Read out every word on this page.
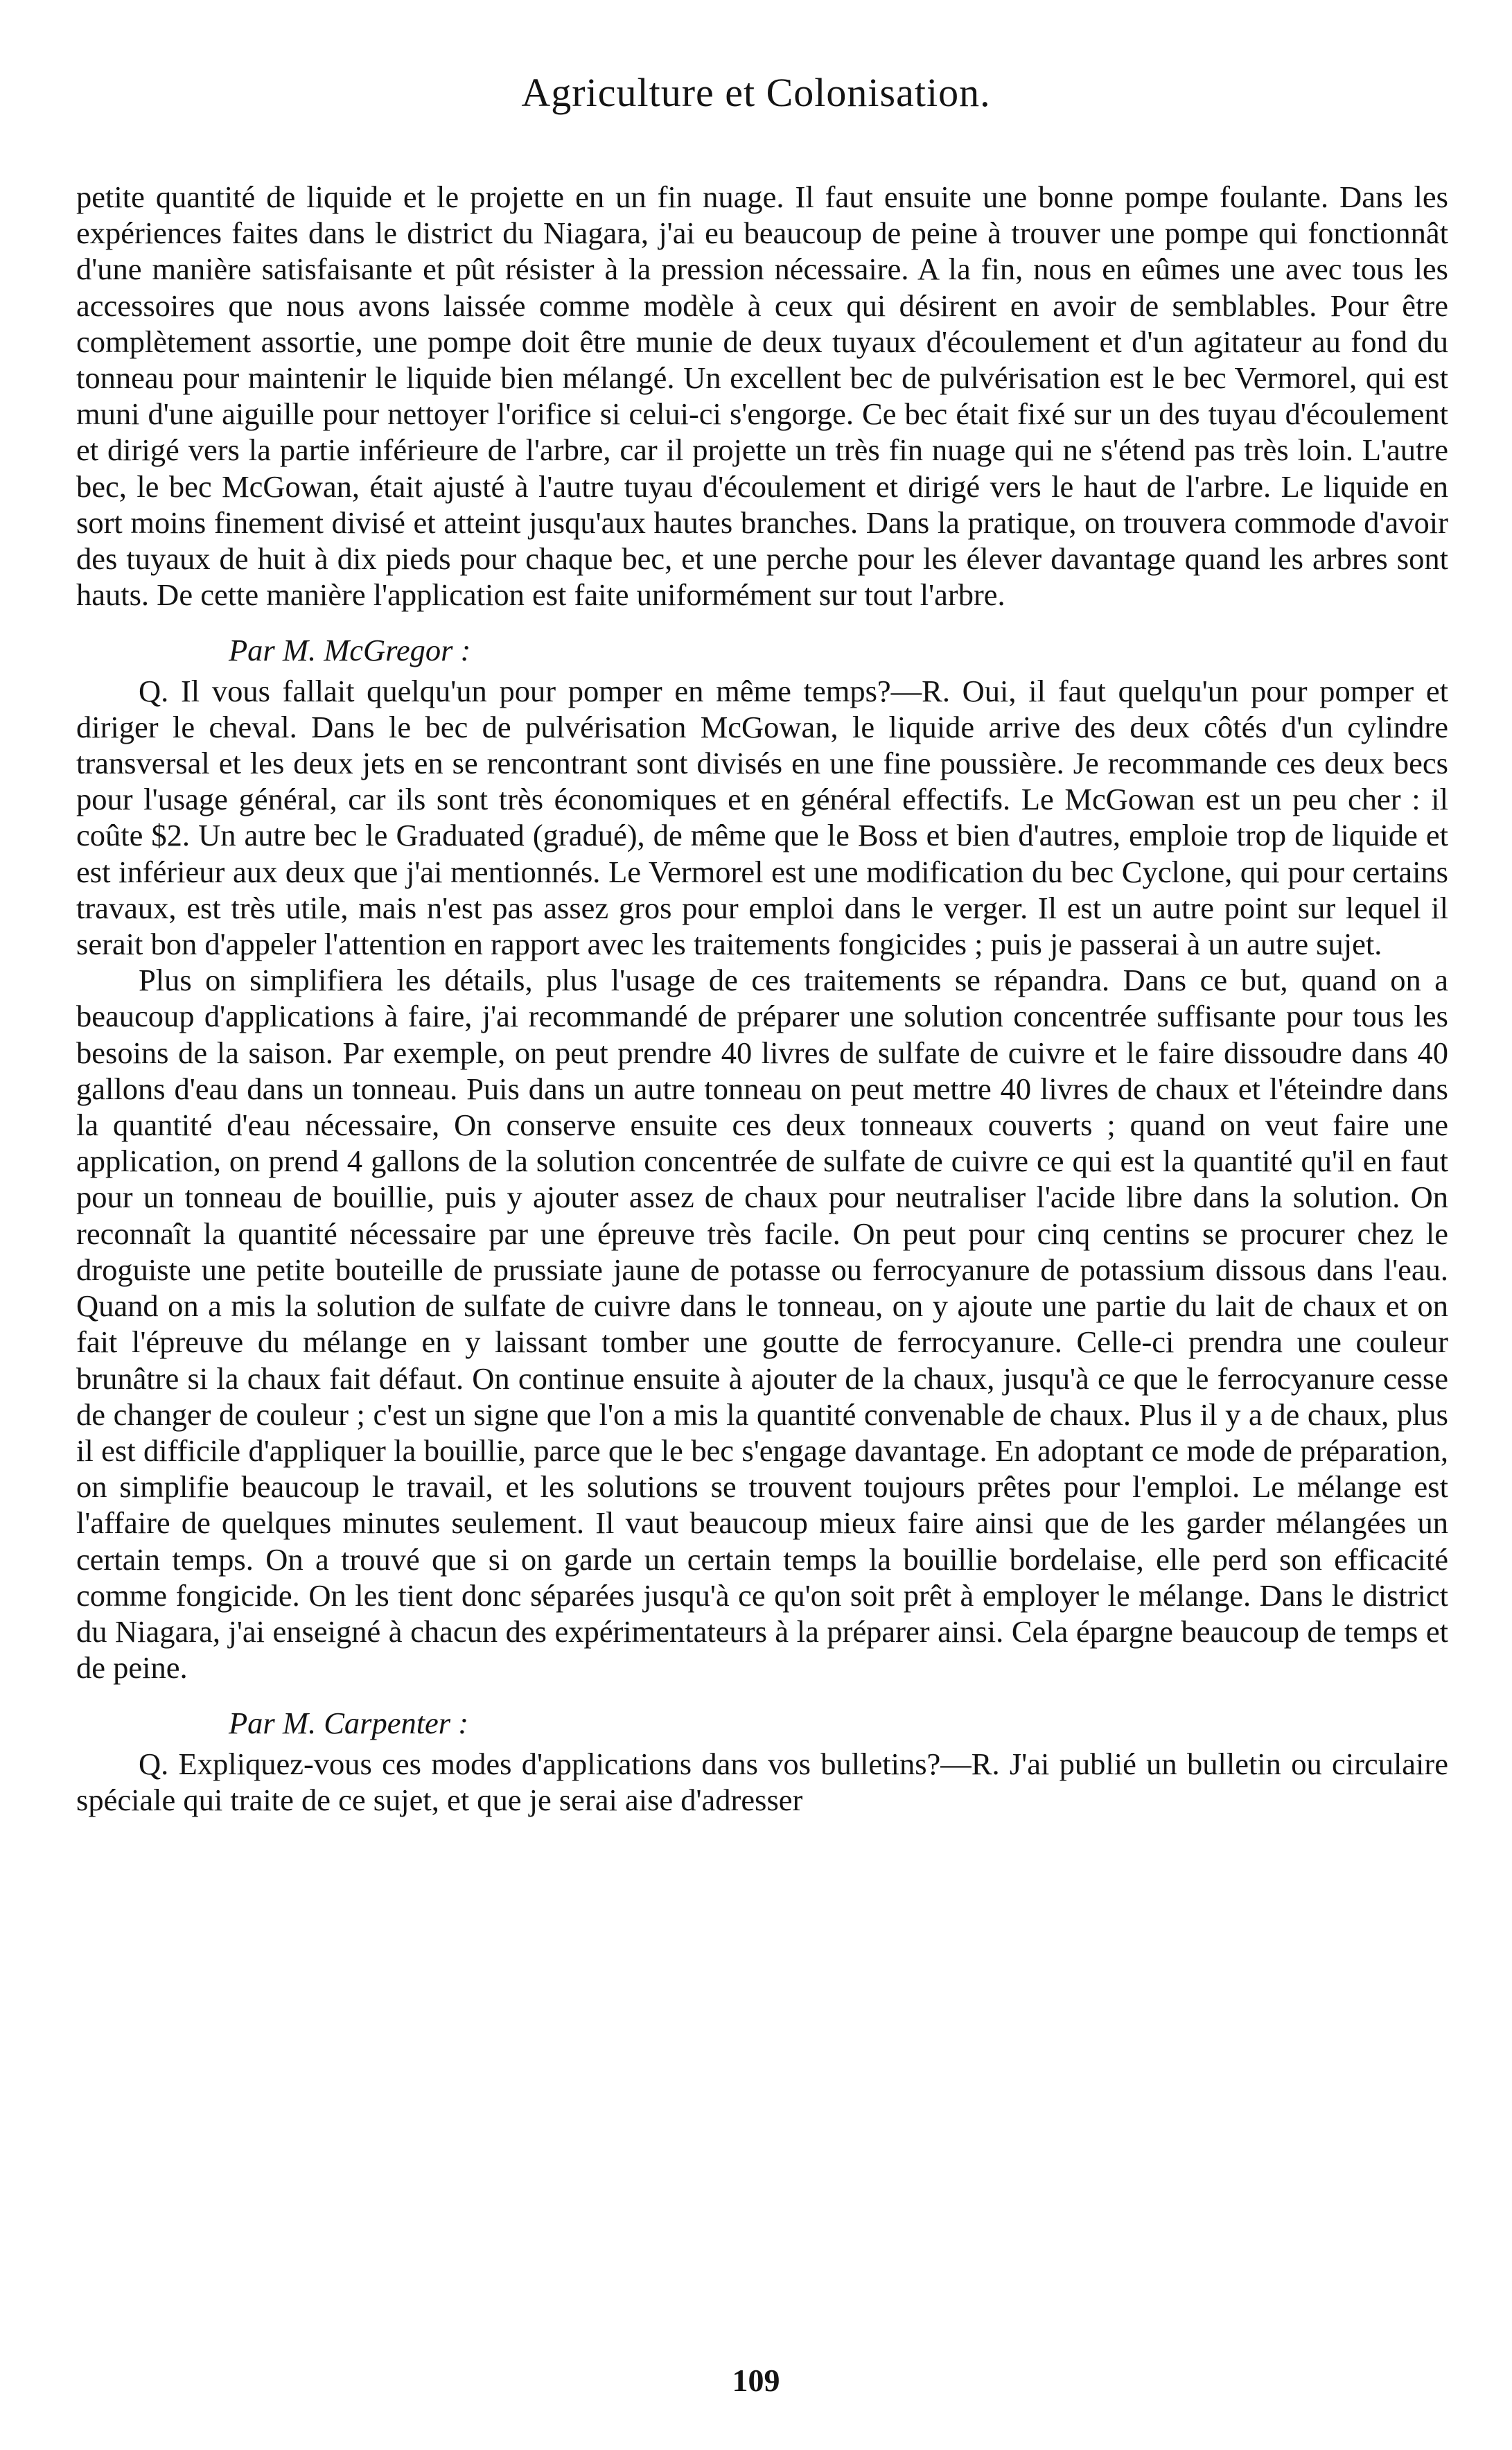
Agriculture et Colonisation.

petite quantité de liquide et le projette en un fin nuage. Il faut ensuite une bonne pompe foulante. Dans les expériences faites dans le district du Niagara, j'ai eu beaucoup de peine à trouver une pompe qui fonctionnât d'une manière satisfaisante et pût résister à la pression nécessaire. A la fin, nous en eûmes une avec tous les accessoires que nous avons laissée comme modèle à ceux qui désirent en avoir de semblables. Pour être complètement assortie, une pompe doit être munie de deux tuyaux d'écoulement et d'un agitateur au fond du tonneau pour maintenir le liquide bien mélangé. Un excellent bec de pulvérisation est le bec Vermorel, qui est muni d'une aiguille pour nettoyer l'orifice si celui-ci s'engorge. Ce bec était fixé sur un des tuyau d'écoulement et dirigé vers la partie inférieure de l'arbre, car il projette un très fin nuage qui ne s'étend pas très loin. L'autre bec, le bec McGowan, était ajusté à l'autre tuyau d'écoulement et dirigé vers le haut de l'arbre. Le liquide en sort moins finement divisé et atteint jusqu'aux hautes branches. Dans la pratique, on trouvera commode d'avoir des tuyaux de huit à dix pieds pour chaque bec, et une perche pour les élever davantage quand les arbres sont hauts. De cette manière l'application est faite uniformément sur tout l'arbre.

Par M. McGregor :

Q. Il vous fallait quelqu'un pour pomper en même temps?—R. Oui, il faut quelqu'un pour pomper et diriger le cheval. Dans le bec de pulvérisation McGowan, le liquide arrive des deux côtés d'un cylindre transversal et les deux jets en se rencontrant sont divisés en une fine poussière. Je recommande ces deux becs pour l'usage général, car ils sont très économiques et en général effectifs. Le McGowan est un peu cher : il coûte $2. Un autre bec le Graduated (gradué), de même que le Boss et bien d'autres, emploie trop de liquide et est inférieur aux deux que j'ai mentionnés. Le Vermorel est une modification du bec Cyclone, qui pour certains travaux, est très utile, mais n'est pas assez gros pour emploi dans le verger. Il est un autre point sur lequel il serait bon d'appeler l'attention en rapport avec les traitements fongicides ; puis je passerai à un autre sujet.

Plus on simplifiera les détails, plus l'usage de ces traitements se répandra. Dans ce but, quand on a beaucoup d'applications à faire, j'ai recommandé de préparer une solution concentrée suffisante pour tous les besoins de la saison. Par exemple, on peut prendre 40 livres de sulfate de cuivre et le faire dissoudre dans 40 gallons d'eau dans un tonneau. Puis dans un autre tonneau on peut mettre 40 livres de chaux et l'éteindre dans la quantité d'eau nécessaire, On conserve ensuite ces deux tonneaux couverts ; quand on veut faire une application, on prend 4 gallons de la solution concentrée de sulfate de cuivre ce qui est la quantité qu'il en faut pour un tonneau de bouillie, puis y ajouter assez de chaux pour neutraliser l'acide libre dans la solution. On reconnaît la quantité nécessaire par une épreuve très facile. On peut pour cinq centins se procurer chez le droguiste une petite bouteille de prussiate jaune de potasse ou ferrocyanure de potassium dissous dans l'eau. Quand on a mis la solution de sulfate de cuivre dans le tonneau, on y ajoute une partie du lait de chaux et on fait l'épreuve du mélange en y laissant tomber une goutte de ferrocyanure. Celle-ci prendra une couleur brunâtre si la chaux fait défaut. On continue ensuite à ajouter de la chaux, jusqu'à ce que le ferrocyanure cesse de changer de couleur ; c'est un signe que l'on a mis la quantité convenable de chaux. Plus il y a de chaux, plus il est difficile d'appliquer la bouillie, parce que le bec s'engage davantage. En adoptant ce mode de préparation, on simplifie beaucoup le travail, et les solutions se trouvent toujours prêtes pour l'emploi. Le mélange est l'affaire de quelques minutes seulement. Il vaut beaucoup mieux faire ainsi que de les garder mélangées un certain temps. On a trouvé que si on garde un certain temps la bouillie bordelaise, elle perd son efficacité comme fongicide. On les tient donc séparées jusqu'à ce qu'on soit prêt à employer le mélange. Dans le district du Niagara, j'ai enseigné à chacun des expérimentateurs à la préparer ainsi. Cela épargne beaucoup de temps et de peine.

Par M. Carpenter :

Q. Expliquez-vous ces modes d'applications dans vos bulletins?—R. J'ai publié un bulletin ou circulaire spéciale qui traite de ce sujet, et que je serai aise d'adresser

109
